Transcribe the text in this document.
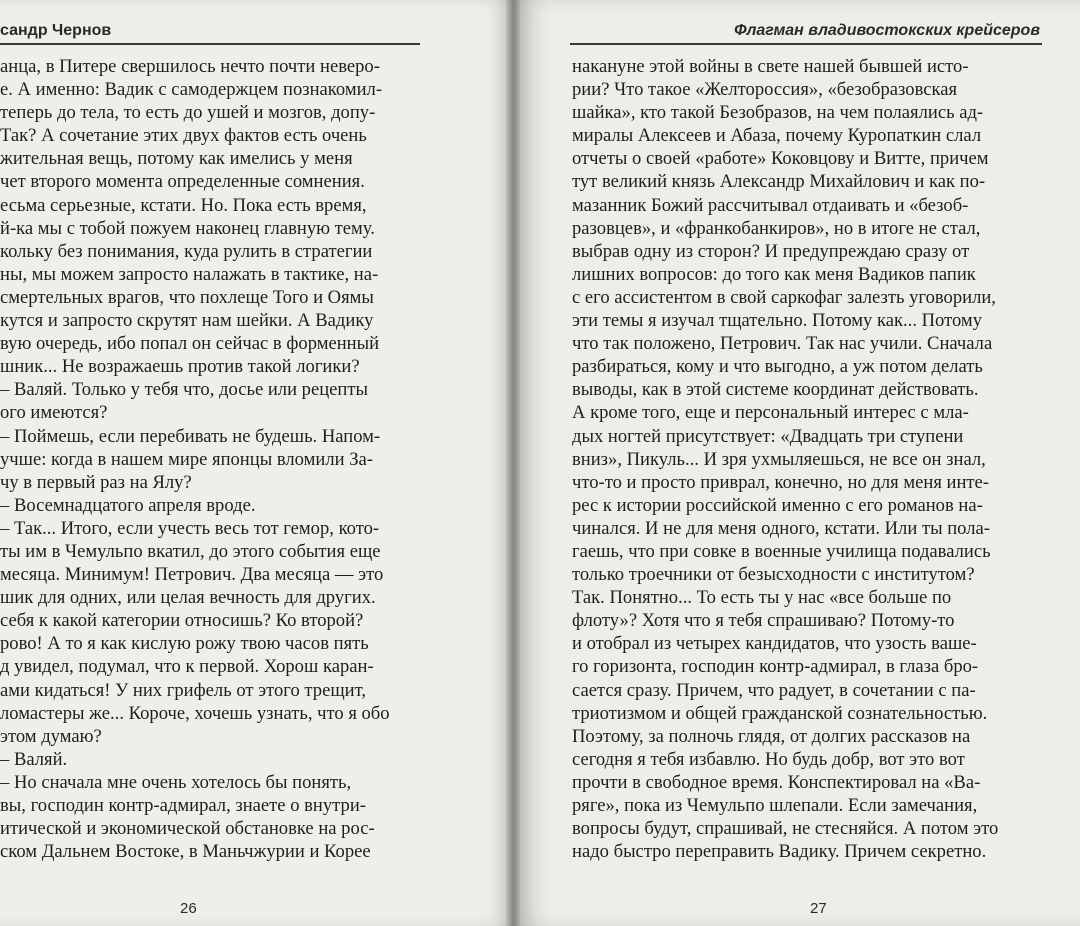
сандр Чернов
анца, в Питере свершилось нечто почти неверо-
е. А именно: Вадик с самодержцем познакомил-
теперь до тела, то есть до ушей и мозгов, допу-
Так? А сочетание этих двух фактов есть очень
жительная вещь, потому как имелись у меня
чет второго момента определенные сомнения.
есьма серьезные, кстати. Но. Пока есть время,
й-ка мы с тобой пожуем наконец главную тему.
кольку без понимания, куда рулить в стратегии
ны, мы можем запросто налажать в тактике, на-
смертельных врагов, что похлеще Того и Оямы
кутся и запросто скрутят нам шейки. А Вадику
вую очередь, ибо попал он сейчас в форменный
шник... Не возражаешь против такой логики?
– Валяй. Только у тебя что, досье или рецепты
ого имеются?
– Поймешь, если перебивать не будешь. Напом-
учше: когда в нашем мире японцы вломили За-
чу в первый раз на Ялу?
– Восемнадцатого апреля вроде.
– Так... Итого, если учесть весь тот гемор, кото-
ты им в Чемульпо вкатил, до этого события еще
месяца. Минимум! Петрович. Два месяца — это
шик для одних, или целая вечность для других.
себя к какой категории относишь? Ко второй?
рово! А то я как кислую рожу твою часов пять
д увидел, подумал, что к первой. Хорош каран-
ами кидаться! У них грифель от этого трещит,
ломастеры же... Короче, хочешь узнать, что я обо
этом думаю?
– Валяй.
– Но сначала мне очень хотелось бы понять,
вы, господин контр-адмирал, знаете о внутри-
итической и экономической обстановке на рос-
ском Дальнем Востоке, в Маньчжурии и Корее
26
Флагман владивостокских крейсеров
накануне этой войны в свете нашей бывшей исто-
рии? Что такое «Желтороссия», «безобразовская
шайка», кто такой Безобразов, на чем полаялись ад-
миралы Алексеев и Абаза, почему Куропаткин слал
отчеты о своей «работе» Коковцову и Витте, причем
тут великий князь Александр Михайлович и как по-
мазанник Божий рассчитывал отдаивать и «безоб-
разовцев», и «франкобанкиров», но в итоге не стал,
выбрав одну из сторон? И предупреждаю сразу от
лишних вопросов: до того как меня Вадиков папик
с его ассистентом в свой саркофаг залезть уговорили,
эти темы я изучал тщательно. Потому как... Потому
что так положено, Петрович. Так нас учили. Сначала
разбираться, кому и что выгодно, а уж потом делать
выводы, как в этой системе координат действовать.
А кроме того, еще и персональный интерес с мла-
дых ногтей присутствует: «Двадцать три ступени
вниз», Пикуль... И зря ухмыляешься, не все он знал,
что-то и просто приврал, конечно, но для меня инте-
рес к истории российской именно с его романов на-
чинался. И не для меня одного, кстати. Или ты пола-
гаешь, что при совке в военные училища подавались
только троечники от безысходности с институтом?
Так. Понятно... То есть ты у нас «все больше по
флоту»? Хотя что я тебя спрашиваю? Потому-то
и отобрал из четырех кандидатов, что узость ваше-
го горизонта, господин контр-адмирал, в глаза бро-
сается сразу. Причем, что радует, в сочетании с па-
триотизмом и общей гражданской сознательностью.
Поэтому, за полночь глядя, от долгих рассказов на
сегодня я тебя избавлю. Но будь добр, вот это вот
прочти в свободное время. Конспектировал на «Ва-
ряге», пока из Чемульпо шлепали. Если замечания,
вопросы будут, спрашивай, не стесняйся. А потом это
надо быстро переправить Вадику. Причем секретно.
27
